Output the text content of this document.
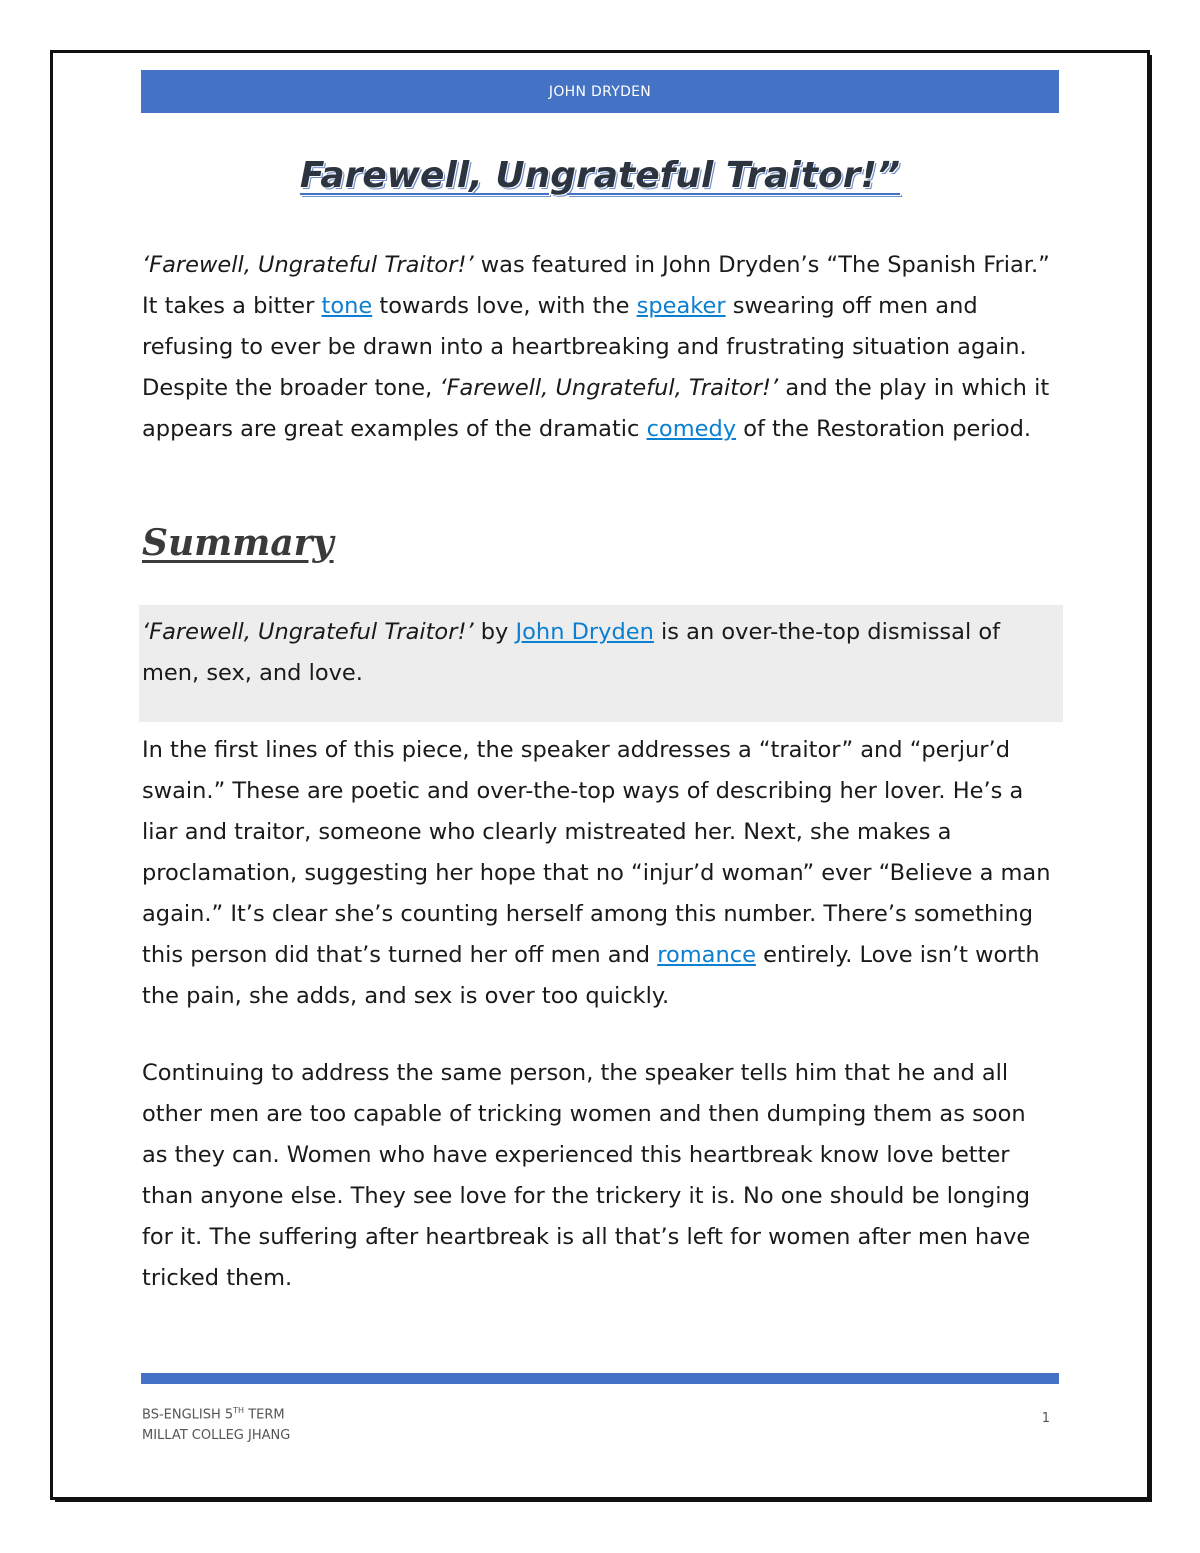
JOHN DRYDEN
Farewell, Ungrateful Traitor!”

‘Farewell, Ungrateful Traitor!’ was featured in John Dryden’s “The Spanish Friar.” It takes a bitter tone towards love, with the speaker swearing off men and refusing to ever be drawn into a heartbreaking and frustrating situation again. Despite the broader tone, ‘Farewell, Ungrateful, Traitor!’ and the play in which it appears are great examples of the dramatic comedy of the Restoration period.

Summary

‘Farewell, Ungrateful Traitor!’ by John Dryden is an over-the-top dismissal of men, sex, and love.

In the first lines of this piece, the speaker addresses a “traitor” and “perjur’d swain.” These are poetic and over-the-top ways of describing her lover. He’s a liar and traitor, someone who clearly mistreated her. Next, she makes a proclamation, suggesting her hope that no “injur’d woman” ever “Believe a man again.” It’s clear she’s counting herself among this number. There’s something this person did that’s turned her off men and romance entirely. Love isn’t worth the pain, she adds, and sex is over too quickly.

Continuing to address the same person, the speaker tells him that he and all other men are too capable of tricking women and then dumping them as soon as they can. Women who have experienced this heartbreak know love better than anyone else. They see love for the trickery it is. No one should be longing for it. The suffering after heartbreak is all that’s left for women after men have tricked them.

BS-ENGLISH 5TH TERM
MILLAT COLLEG JHANG
1
